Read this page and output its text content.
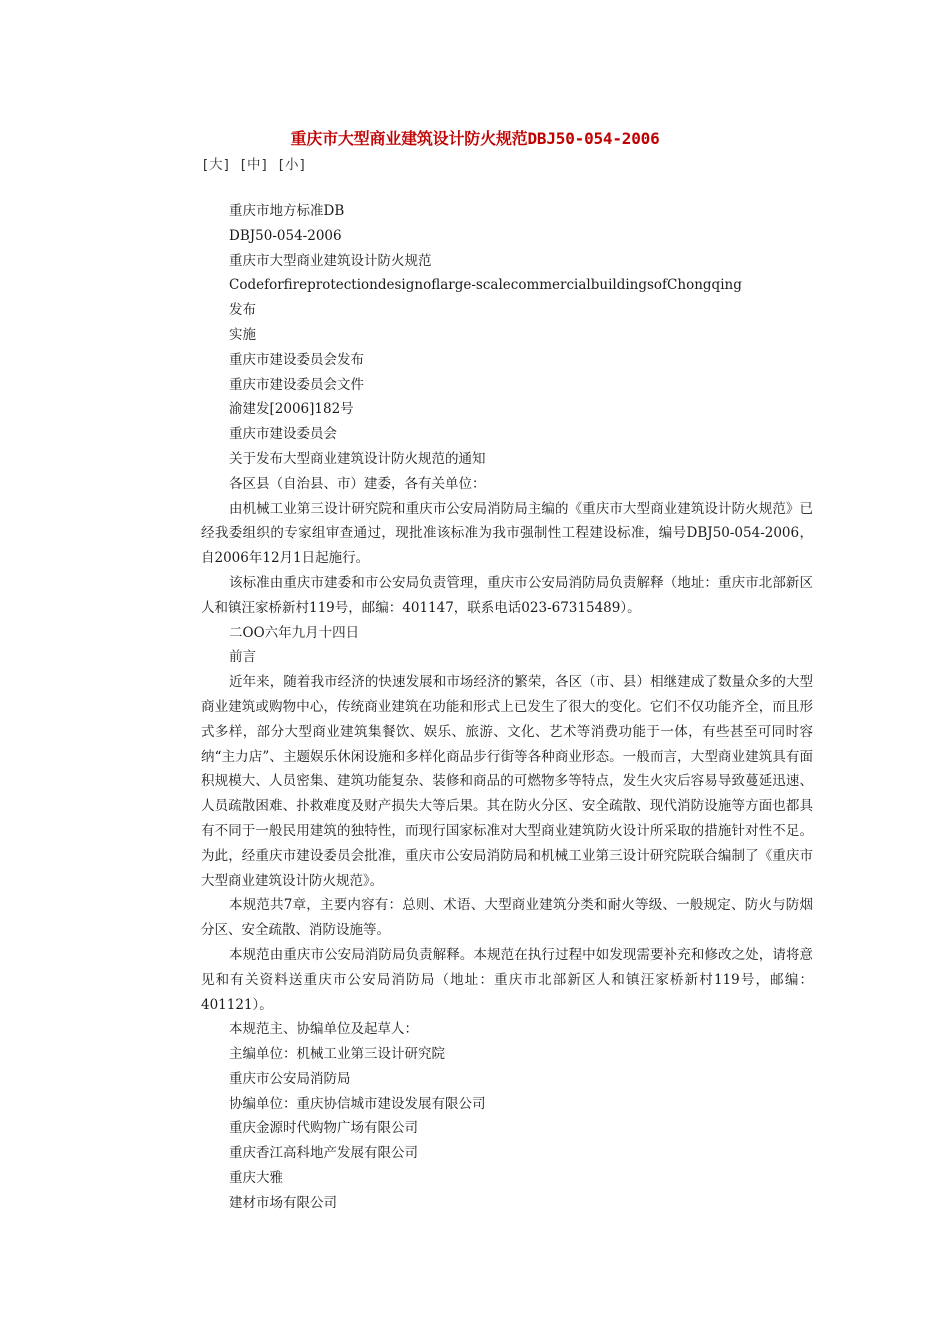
重庆市大型商业建筑设计防火规范DBJ50-054-2006
[大] [中] [小]

重庆市地方标准DB

DBJ50-054-2006

重庆市大型商业建筑设计防火规范

Codeforfireprotectiondesignoflarge-scalecommercialbuildingsofChongqing

发布

实施

重庆市建设委员会发布

重庆市建设委员会文件

渝建发[2006]182号

重庆市建设委员会

关于发布大型商业建筑设计防火规范的通知

各区县（自治县、市）建委，各有关单位：

由机械工业第三设计研究院和重庆市公安局消防局主编的《重庆市大型商业建筑设计防火规范》已经我委组织的专家组审查通过，现批准该标准为我市强制性工程建设标准，编号DBJ50-054-2006，自2006年12月1日起施行。

该标准由重庆市建委和市公安局负责管理，重庆市公安局消防局负责解释（地址：重庆市北部新区人和镇汪家桥新村119号，邮编：401147，联系电话023-67315489）。

二OO六年九月十四日

前言

近年来，随着我市经济的快速发展和市场经济的繁荣，各区（市、县）相继建成了数量众多的大型商业建筑或购物中心，传统商业建筑在功能和形式上已发生了很大的变化。它们不仅功能齐全，而且形式多样，部分大型商业建筑集餐饮、娱乐、旅游、文化、艺术等消费功能于一体，有些甚至可同时容纳“主力店”、主题娱乐休闲设施和多样化商品步行街等各种商业形态。一般而言，大型商业建筑具有面积规模大、人员密集、建筑功能复杂、装修和商品的可燃物多等特点，发生火灾后容易导致蔓延迅速、人员疏散困难、扑救难度及财产损失大等后果。其在防火分区、安全疏散、现代消防设施等方面也都具有不同于一般民用建筑的独特性，而现行国家标准对大型商业建筑防火设计所采取的措施针对性不足。为此，经重庆市建设委员会批准，重庆市公安局消防局和机械工业第三设计研究院联合编制了《重庆市大型商业建筑设计防火规范》。

本规范共7章，主要内容有：总则、术语、大型商业建筑分类和耐火等级、一般规定、防火与防烟分区、安全疏散、消防设施等。

本规范由重庆市公安局消防局负责解释。本规范在执行过程中如发现需要补充和修改之处，请将意见和有关资料送重庆市公安局消防局（地址：重庆市北部新区人和镇汪家桥新村119号，邮编：401121）。

本规范主、协编单位及起草人：

主编单位：机械工业第三设计研究院

重庆市公安局消防局

协编单位：重庆协信城市建设发展有限公司

重庆金源时代购物广场有限公司

重庆香江高科地产发展有限公司

重庆大雅

建材市场有限公司
